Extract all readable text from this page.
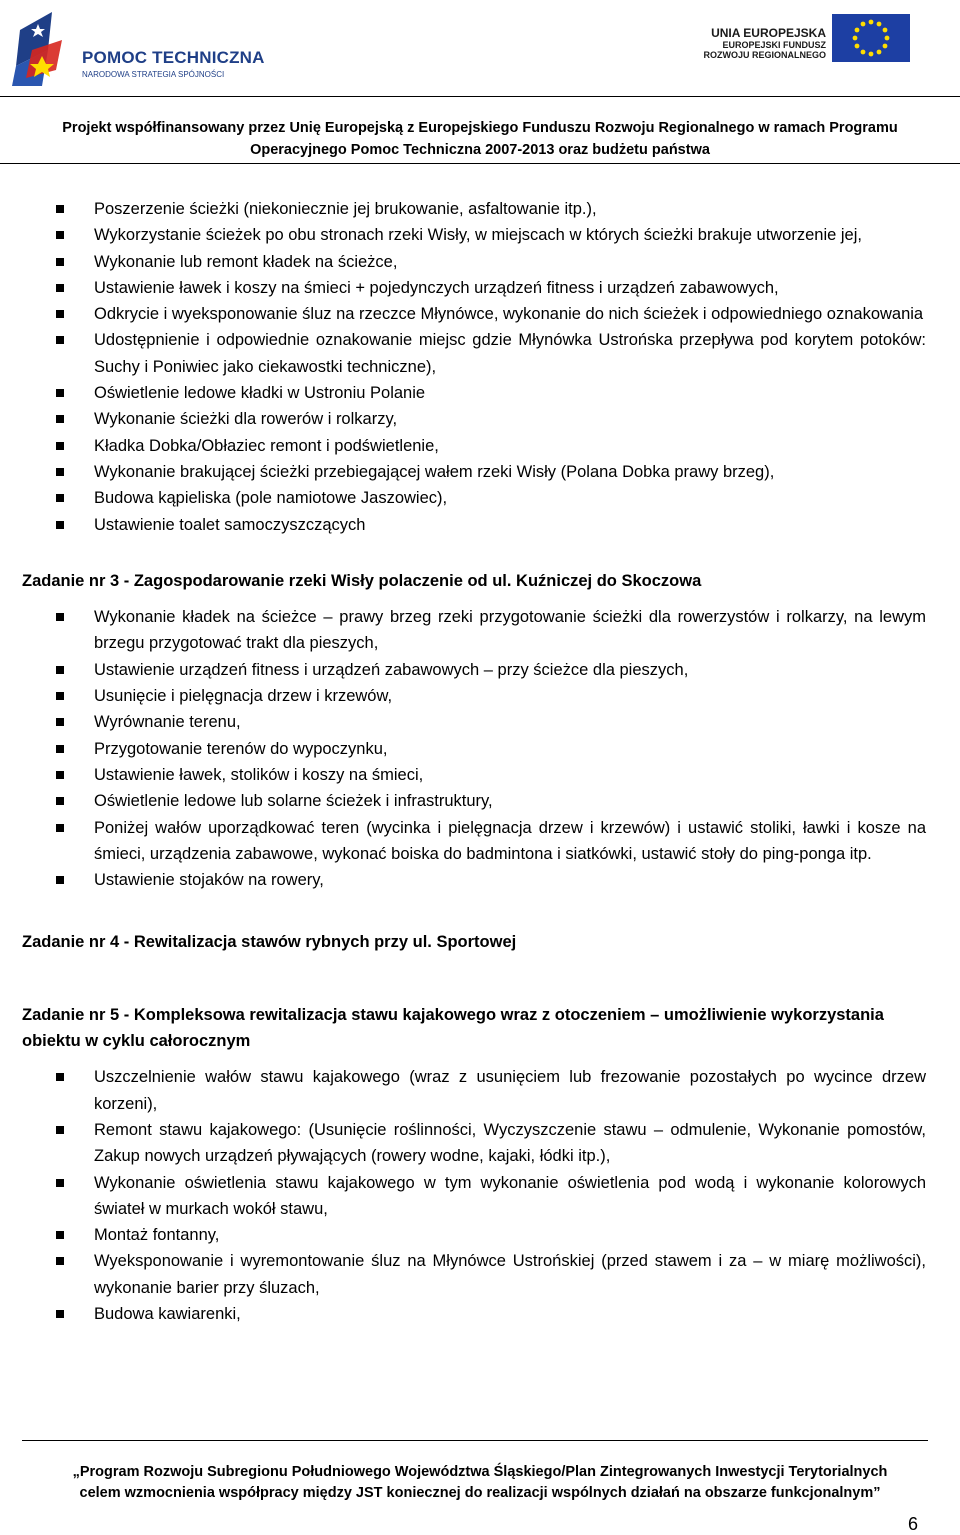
POMOC TECHNICZNA
NARODOWA STRATEGIA SPÓJNOŚCI
UNIA EUROPEJSKA
EUROPEJSKI FUNDUSZ
ROZWOJU REGIONALNEGO
Projekt współfinansowany przez Unię Europejską z Europejskiego Funduszu Rozwoju Regionalnego w ramach Programu
Operacyjnego Pomoc Techniczna 2007-2013 oraz budżetu państwa
Poszerzenie ścieżki (niekoniecznie jej brukowanie, asfaltowanie itp.),
Wykorzystanie ścieżek po obu stronach rzeki Wisły, w miejscach w których ścieżki brakuje utworzenie jej,
Wykonanie lub remont kładek na ścieżce,
Ustawienie ławek i koszy na śmieci + pojedynczych urządzeń fitness i urządzeń zabawowych,
Odkrycie i wyeksponowanie śluz na rzeczce Młynówce, wykonanie do nich ścieżek i odpowiedniego oznakowania
Udostępnienie i odpowiednie oznakowanie miejsc gdzie Młynówka Ustrońska przepływa pod korytem potoków: Suchy i Poniwiec jako ciekawostki techniczne),
Oświetlenie ledowe kładki w Ustroniu Polanie
Wykonanie ścieżki dla rowerów i rolkarzy,
Kładka Dobka/Obłaziec remont i podświetlenie,
Wykonanie brakującej ścieżki przebiegającej wałem rzeki Wisły (Polana Dobka prawy brzeg),
Budowa kąpieliska (pole namiotowe Jaszowiec),
Ustawienie toalet samoczyszczących
Zadanie nr 3 - Zagospodarowanie rzeki Wisły polaczenie od ul. Kuźniczej do Skoczowa
Wykonanie kładek na ścieżce – prawy brzeg rzeki przygotowanie ścieżki dla rowerzystów i rolkarzy, na lewym brzegu przygotować trakt dla pieszych,
Ustawienie urządzeń fitness i urządzeń zabawowych – przy ścieżce dla pieszych,
Usunięcie i pielęgnacja drzew i krzewów,
Wyrównanie terenu,
Przygotowanie terenów do wypoczynku,
Ustawienie ławek, stolików i koszy na śmieci,
Oświetlenie ledowe lub solarne ścieżek i infrastruktury,
Poniżej wałów uporządkować teren (wycinka i pielęgnacja drzew i krzewów) i ustawić stoliki, ławki i kosze na śmieci, urządzenia zabawowe, wykonać boiska do badmintona i siatkówki, ustawić stoły do ping-ponga itp.
Ustawienie stojaków na rowery,
Zadanie nr 4 - Rewitalizacja stawów rybnych przy ul. Sportowej
Zadanie nr 5 - Kompleksowa rewitalizacja stawu kajakowego wraz z otoczeniem – umożliwienie wykorzystania obiektu w cyklu całorocznym
Uszczelnienie wałów stawu kajakowego (wraz z usunięciem lub frezowanie pozostałych po wycince drzew korzeni),
Remont stawu kajakowego: (Usunięcie roślinności, Wyczyszczenie stawu – odmulenie, Wykonanie pomostów, Zakup nowych urządzeń pływających (rowery wodne, kajaki, łódki itp.),
Wykonanie oświetlenia stawu kajakowego w tym wykonanie oświetlenia pod wodą i wykonanie kolorowych świateł w murkach wokół stawu,
Montaż fontanny,
Wyeksponowanie i wyremontowanie śluz na Młynówce Ustrońskiej (przed stawem i za – w miarę możliwości), wykonanie barier przy śluzach,
Budowa kawiarenki,
„Program Rozwoju Subregionu Południowego Województwa Śląskiego/Plan Zintegrowanych Inwestycji Terytorialnych
celem wzmocnienia współpracy między JST koniecznej do realizacji wspólnych działań na obszarze funkcjonalnym”
6
